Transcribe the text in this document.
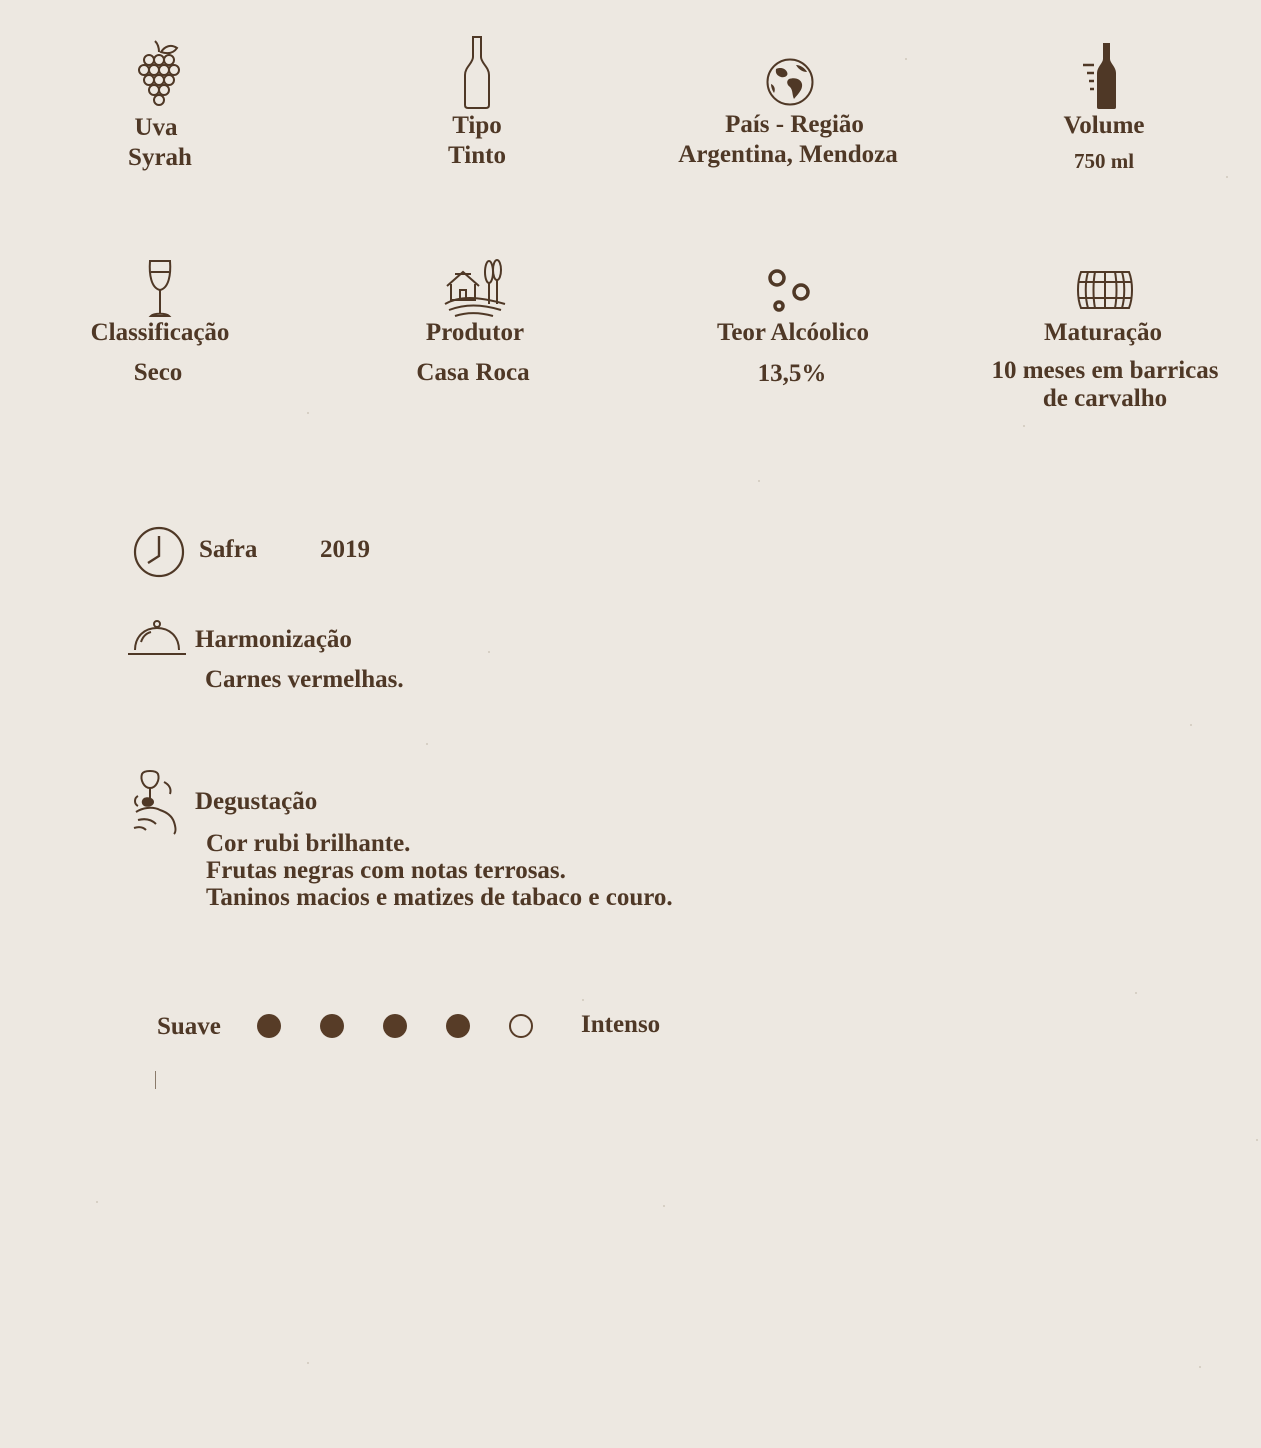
Uva
Syrah
Tipo
Tinto
País - Região
Argentina, Mendoza
Volume
750 ml
Classificação
Seco
Produtor
Casa Roca
Teor Alcóolico
13,5%
Maturação
10 meses em barricas
de carvalho
Safra	2019
Harmonização
Carnes vermelhas.
Degustação
Cor rubi brilhante.
Frutas negras com notas terrosas.
Taninos macios e matizes de tabaco e couro.
Suave	Intenso
